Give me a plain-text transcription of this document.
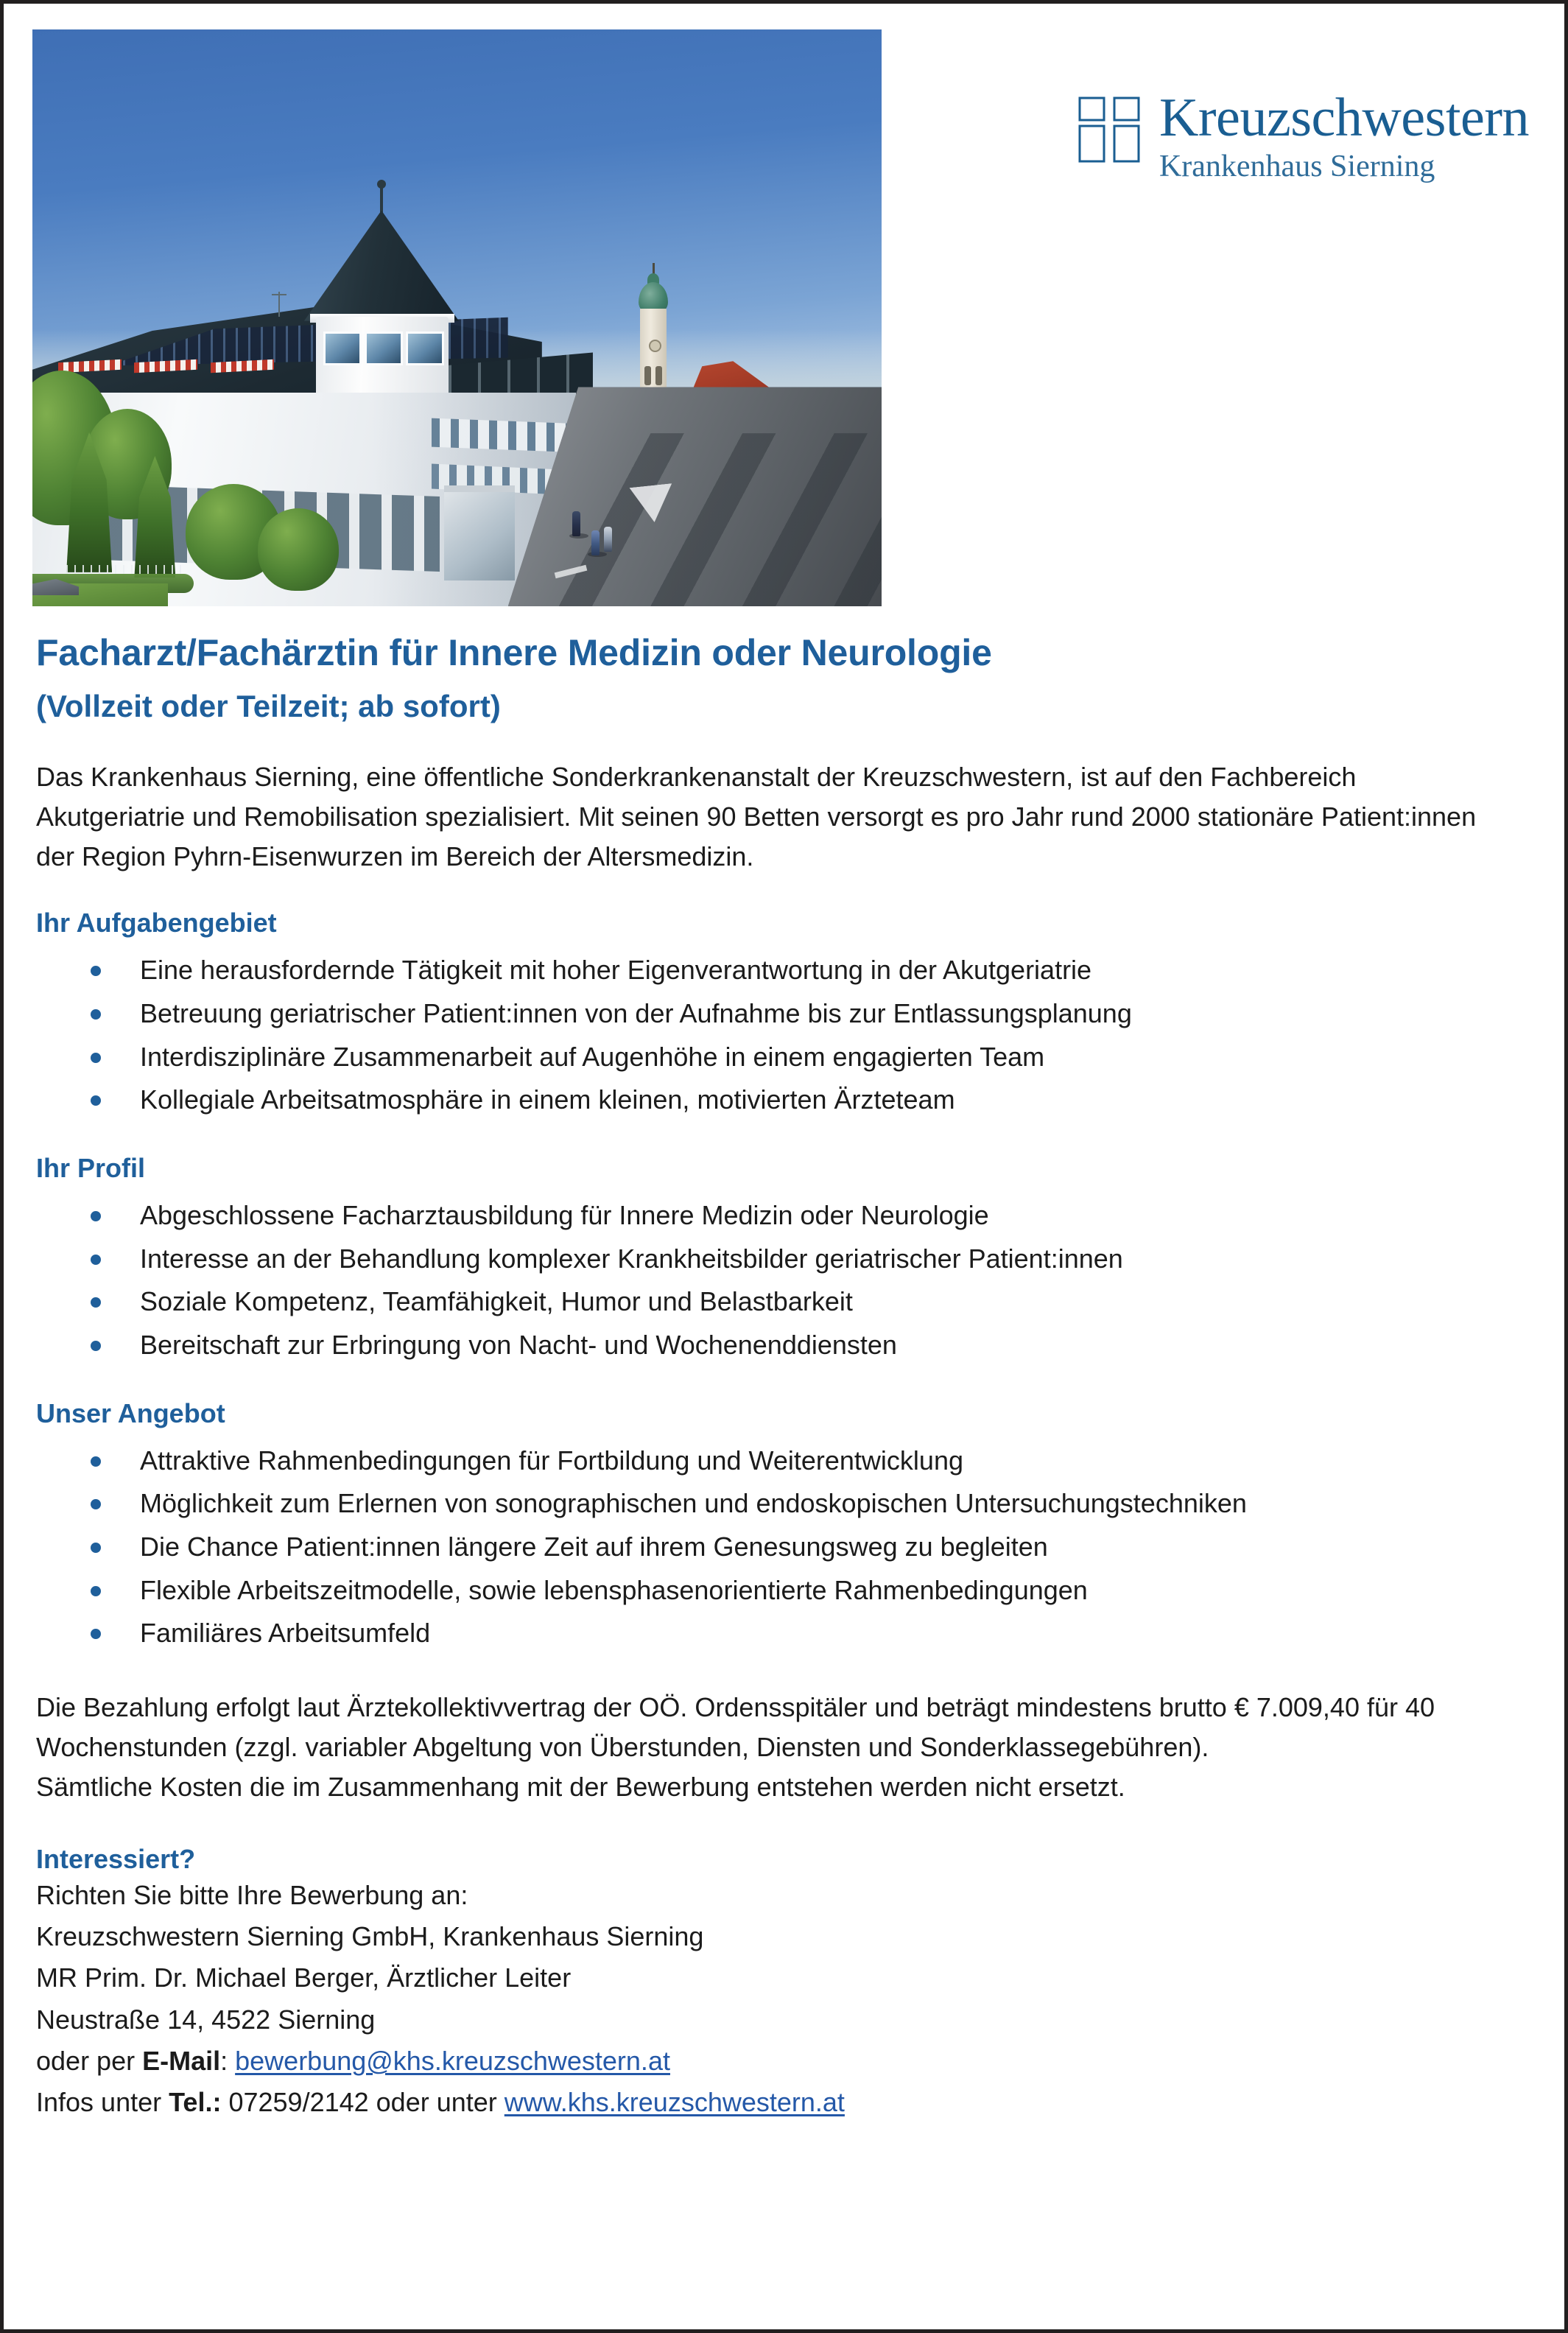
Kreuzschwestern
Krankenhaus Sierning
Facharzt/Fachärztin für Innere Medizin oder Neurologie
(Vollzeit oder Teilzeit; ab sofort)

Das Krankenhaus Sierning, eine öffentliche Sonderkrankenanstalt der Kreuzschwestern, ist auf den Fachbereich Akutgeriatrie und Remobilisation spezialisiert. Mit seinen 90 Betten versorgt es pro Jahr rund 2000 stationäre Patient:innen der Region Pyhrn-Eisenwurzen im Bereich der Altersmedizin.

Ihr Aufgabengebiet
Eine herausfordernde Tätigkeit mit hoher Eigenverantwortung in der Akutgeriatrie
Betreuung geriatrischer Patient:innen von der Aufnahme bis zur Entlassungsplanung
Interdisziplinäre Zusammenarbeit auf Augenhöhe in einem engagierten Team
Kollegiale Arbeitsatmosphäre in einem kleinen, motivierten Ärzteteam
Ihr Profil
Abgeschlossene Facharztausbildung für Innere Medizin oder Neurologie
Interesse an der Behandlung komplexer Krankheitsbilder geriatrischer Patient:innen
Soziale Kompetenz, Teamfähigkeit, Humor und Belastbarkeit
Bereitschaft zur Erbringung von Nacht- und Wochenenddiensten
Unser Angebot
Attraktive Rahmenbedingungen für Fortbildung und Weiterentwicklung
Möglichkeit zum Erlernen von sonographischen und endoskopischen Untersuchungstechniken
Die Chance Patient:innen längere Zeit auf ihrem Genesungsweg zu begleiten
Flexible Arbeitszeitmodelle, sowie lebensphasenorientierte Rahmenbedingungen
Familiäres Arbeitsumfeld

Die Bezahlung erfolgt laut Ärztekollektivvertrag der OÖ. Ordensspitäler und beträgt mindestens brutto € 7.009,40 für 40 Wochenstunden (zzgl. variabler Abgeltung von Überstunden, Diensten und Sonderklassegebühren).

Sämtliche Kosten die im Zusammenhang mit der Bewerbung entstehen werden nicht ersetzt.

Interessiert?
Richten Sie bitte Ihre Bewerbung an:
Kreuzschwestern Sierning GmbH, Krankenhaus Sierning
MR Prim. Dr. Michael Berger, Ärztlicher Leiter
Neustraße 14, 4522 Sierning
oder per E-Mail: bewerbung@khs.kreuzschwestern.at
Infos unter Tel.: 07259/2142 oder unter www.khs.kreuzschwestern.at
